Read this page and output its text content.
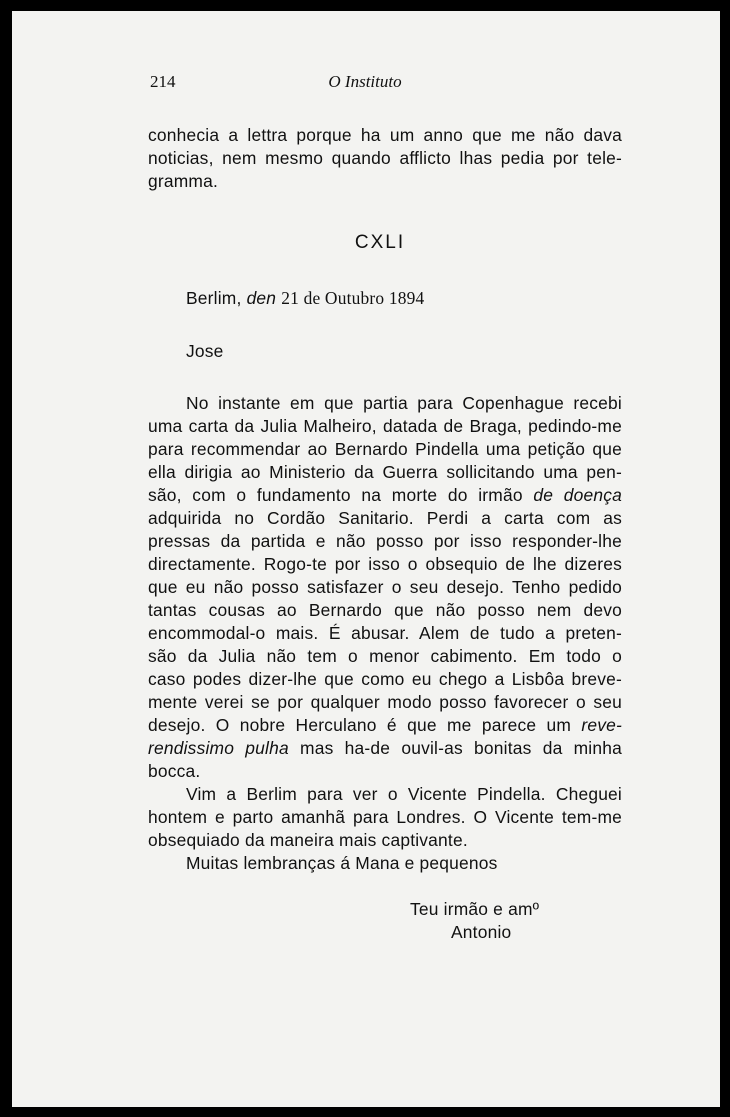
214	O Instituto
conhecia a lettra porque ha um anno que me não dava
noticias, nem mesmo quando afflicto lhas pedia por tele-
gramma.
CXLI
Berlim, den 21 de Outubro 1894
Jose
No instante em que partia para Copenhague recebi
uma carta da Julia Malheiro, datada de Braga, pedindo-me
para recommendar ao Bernardo Pindella uma petição que
ella dirigia ao Ministerio da Guerra sollicitando uma pen-
são, com o fundamento na morte do irmão de doença
adquirida no Cordão Sanitario. Perdi a carta com as
pressas da partida e não posso por isso responder-lhe
directamente. Rogo-te por isso o obsequio de lhe dizeres
que eu não posso satisfazer o seu desejo. Tenho pedido
tantas cousas ao Bernardo que não posso nem devo
encommodal-o mais. É abusar. Alem de tudo a preten-
são da Julia não tem o menor cabimento. Em todo o
caso podes dizer-lhe que como eu chego a Lisbôa breve-
mente verei se por qualquer modo posso favorecer o seu
desejo. O nobre Herculano é que me parece um reve-
rendissimo pulha mas ha-de ouvil-as bonitas da minha
bocca.
Vim a Berlim para ver o Vicente Pindella. Cheguei
hontem e parto amanhã para Londres. O Vicente tem-me
obsequiado da maneira mais captivante.
Muitas lembranças á Mana e pequenos
Teu irmão e amº
Antonio
